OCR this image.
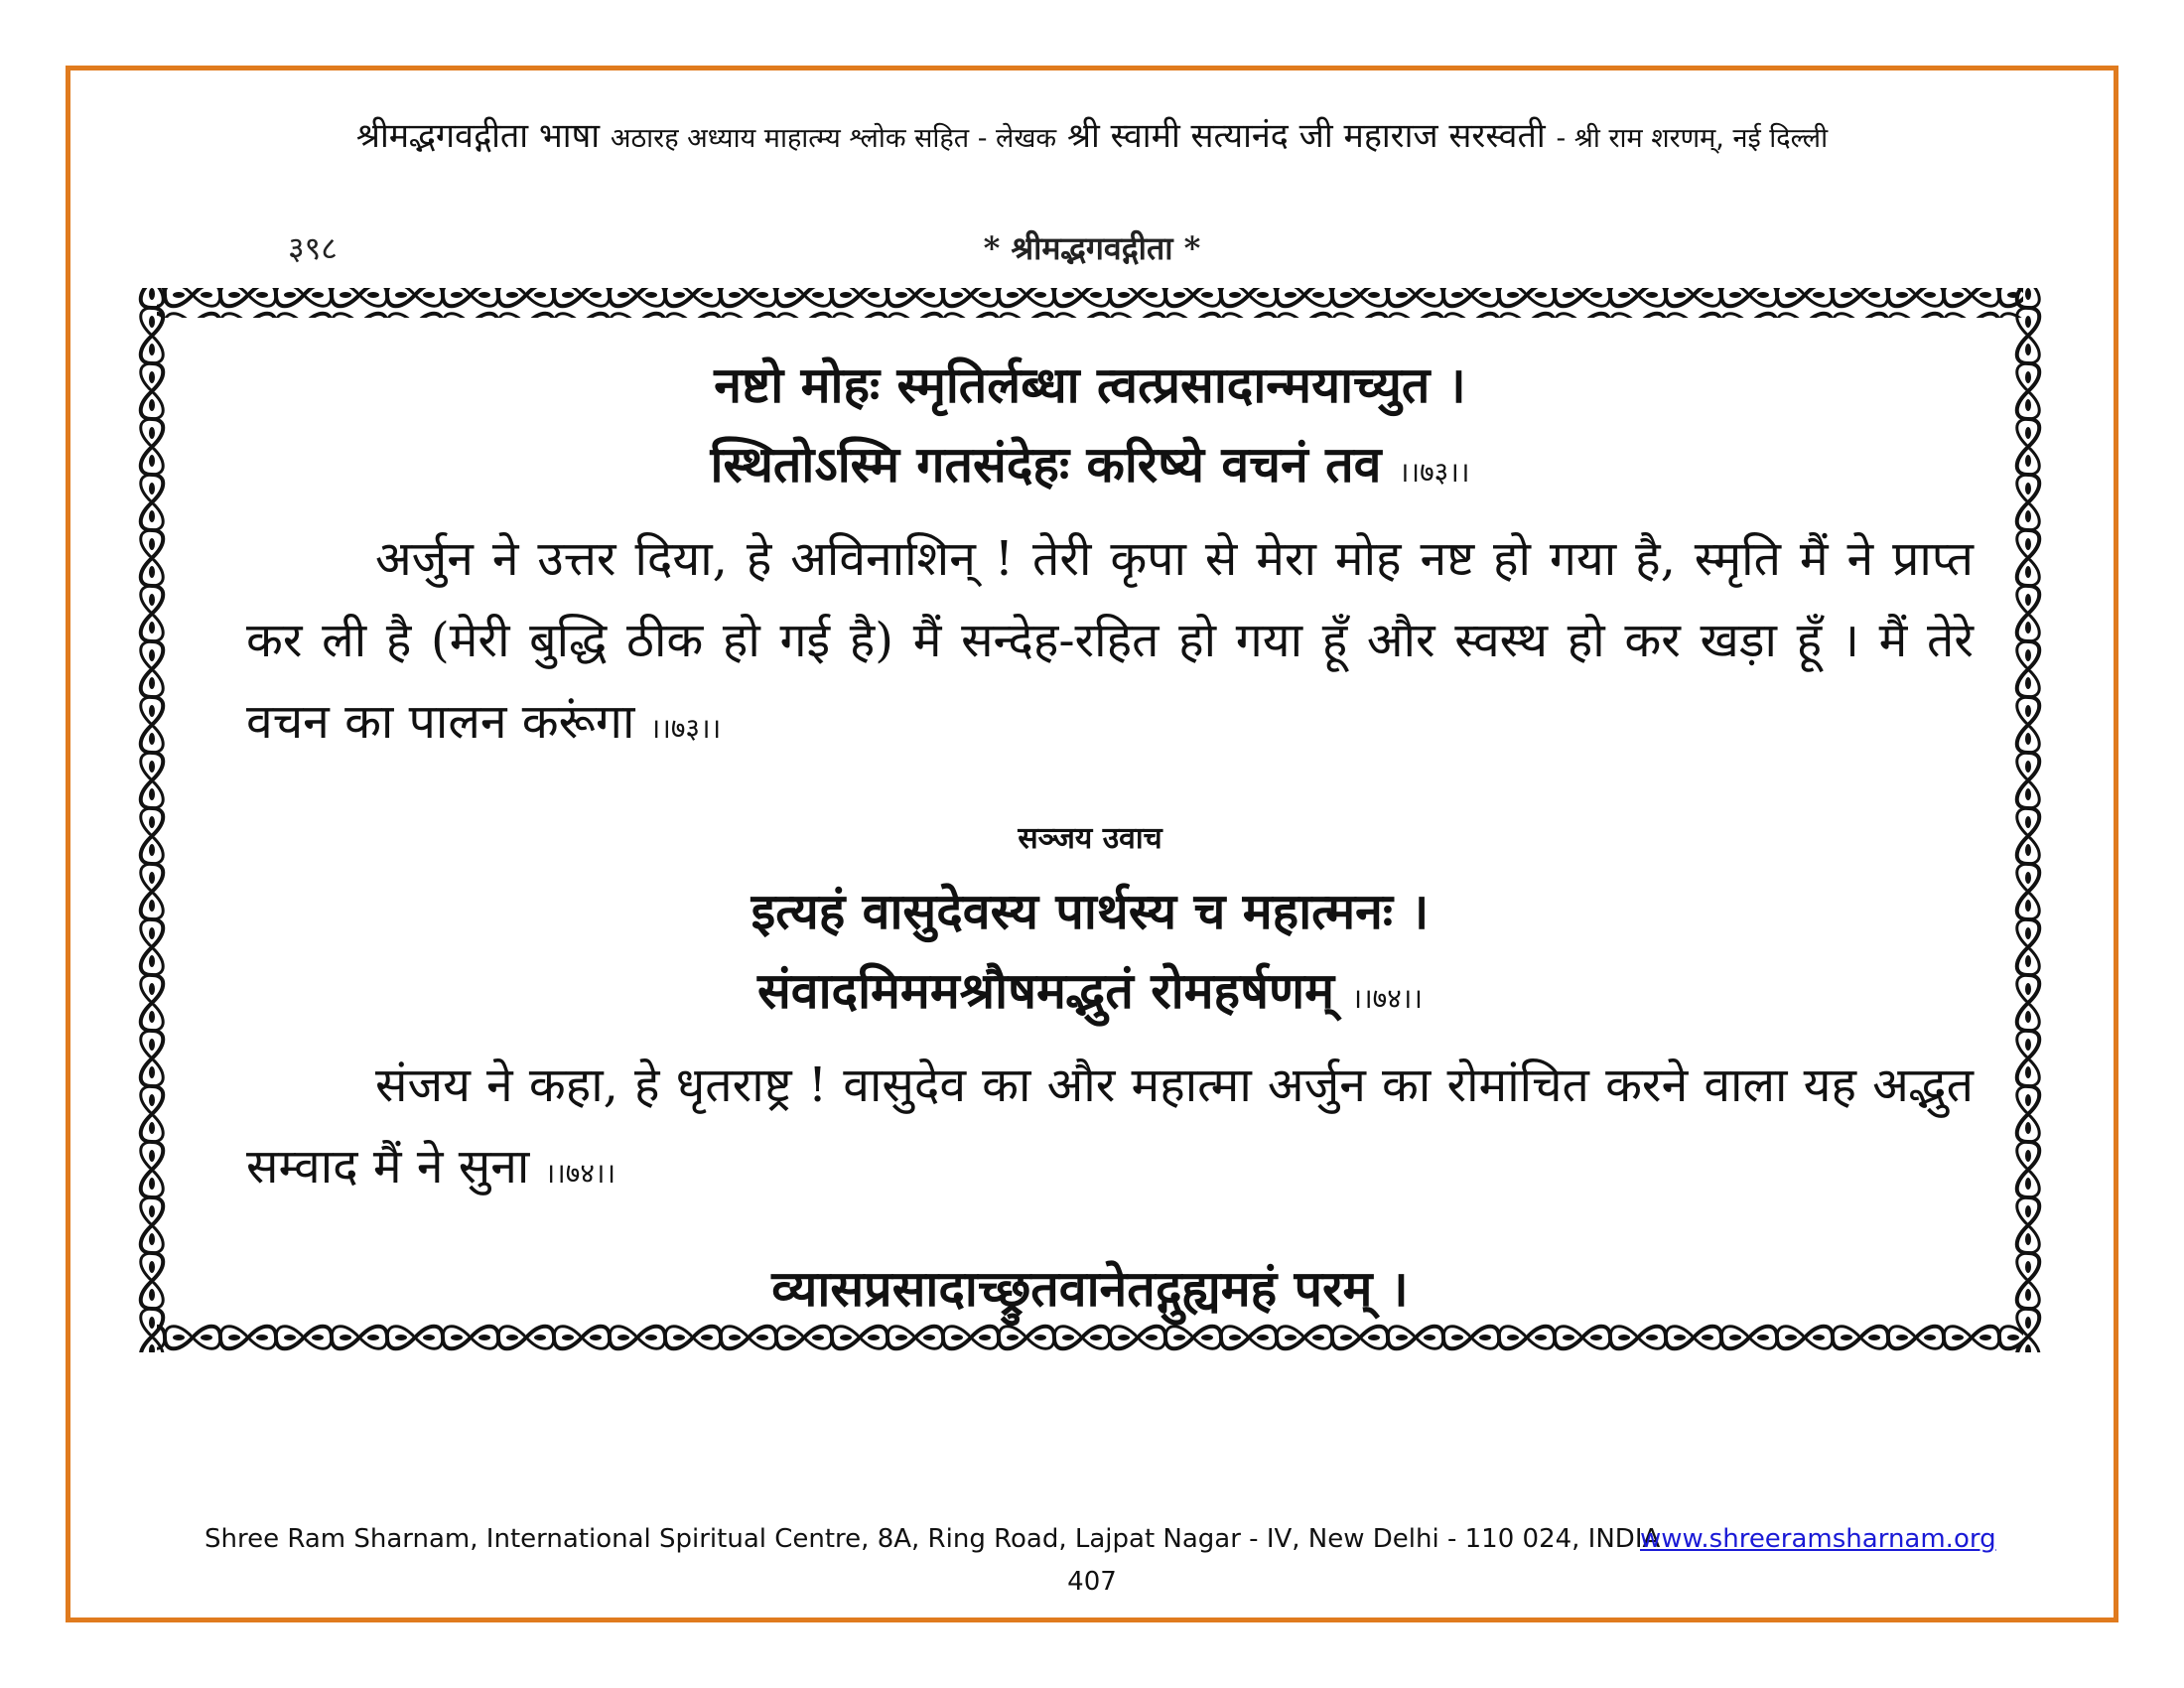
श्रीमद्भगवद्गीता भाषा अठारह अध्याय माहात्म्य श्लोक सहित - लेखक श्री स्वामी सत्यानंद जी महाराज सरस्वती - श्री राम शरणम्, नई दिल्ली
३९८	* श्रीमद्भगवद्गीता *
नष्टो मोहः स्मृतिर्लब्धा त्वत्प्रसादान्मयाच्युत ।
स्थितोऽस्मि गतसंदेहः करिष्ये वचनं तव ।।७३।।
अर्जुन ने उत्तर दिया, हे अविनाशिन् ! तेरी कृपा से मेरा मोह नष्ट हो गया है, स्मृति मैं ने प्राप्त कर ली है (मेरी बुद्धि ठीक हो गई है) मैं सन्देह-रहित हो गया हूँ और स्वस्थ हो कर खड़ा हूँ । मैं तेरे वचन का पालन करूंगा ।।७३।।
सञ्जय उवाच
इत्यहं वासुदेवस्य पार्थस्य च महात्मनः ।
संवादमिममश्रौषमद्भुतं रोमहर्षणम् ।।७४।।
संजय ने कहा, हे धृतराष्ट्र ! वासुदेव का और महात्मा अर्जुन का रोमांचित करने वाला यह अद्भुत सम्वाद मैं ने सुना ।।७४।।
व्यासप्रसादाच्छ्रुतवानेतद्गुह्यमहं परम् ।
Shree Ram Sharnam, International Spiritual Centre, 8A, Ring Road, Lajpat Nagar - IV, New Delhi - 110 024, INDIA
www.shreeramsharnam.org
407
